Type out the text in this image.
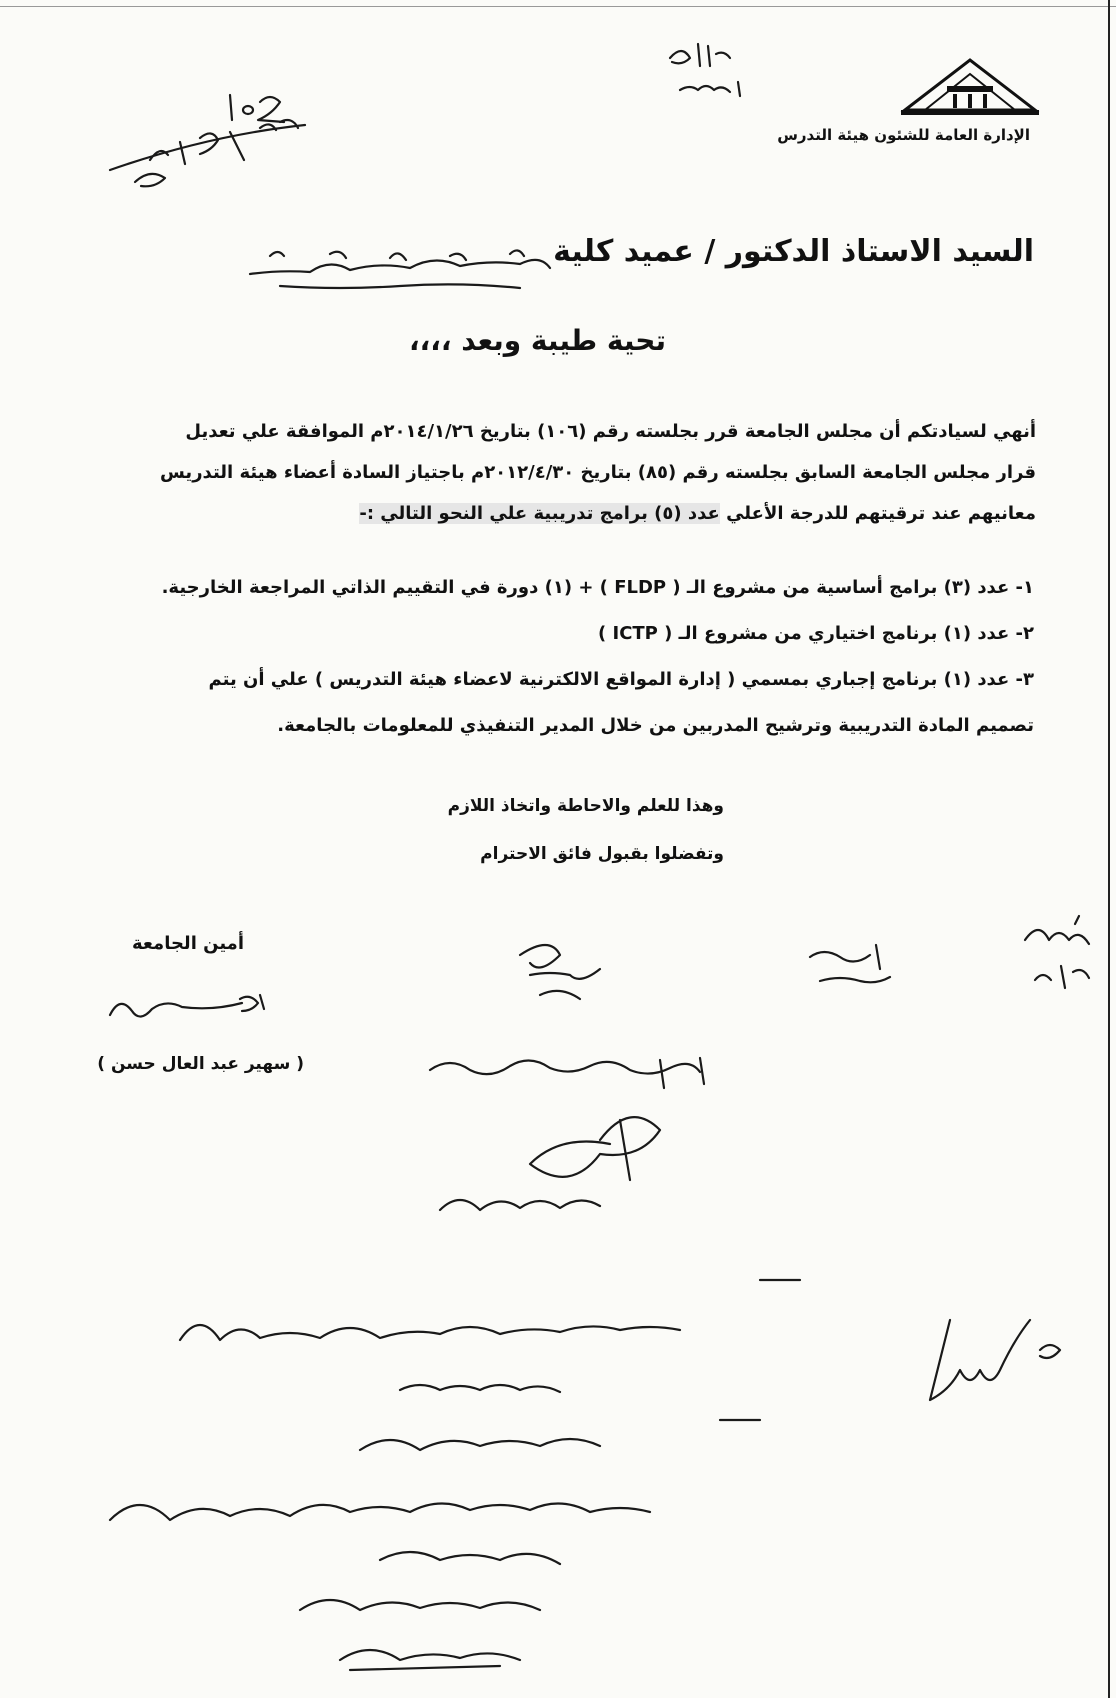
الإدارة العامة للشئون هيئة التدرس
السيد الاستاذ الدكتور / عميد كلية
تحية طيبة وبعد ،،،،

أنهي لسيادتكم أن مجلس الجامعة قرر بجلسته رقم (١٠٦) بتاريخ ٢٠١٤/١/٢٦م الموافقة علي تعديل

قرار مجلس الجامعة السابق بجلسته رقم (٨٥) بتاريخ ٢٠١٢/٤/٣٠م باجتياز السادة أعضاء هيئة التدريس

معانيهم عند ترقيتهم للدرجة الأعلي عدد (٥) برامج تدريبية علي النحو التالي :-

١- عدد (٣) برامج أساسية من مشروع الـ ( FLDP ) + (١) دورة في التقييم الذاتي المراجعة الخارجية.

٢- عدد (١) برنامج اختياري من مشروع الـ ( ICTP )

٣- عدد (١) برنامج إجباري بمسمي ( إدارة المواقع الالكترنية لاعضاء هيئة التدريس ) علي أن يتم

تصميم المادة التدريبية وترشيح المدربين من خلال المدير التنفيذي للمعلومات بالجامعة.

وهذا للعلم والاحاطة واتخاذ اللازم

وتفضلوا بقبول فائق الاحترام

أمين الجامعة
( سهير عبد العال حسن )
